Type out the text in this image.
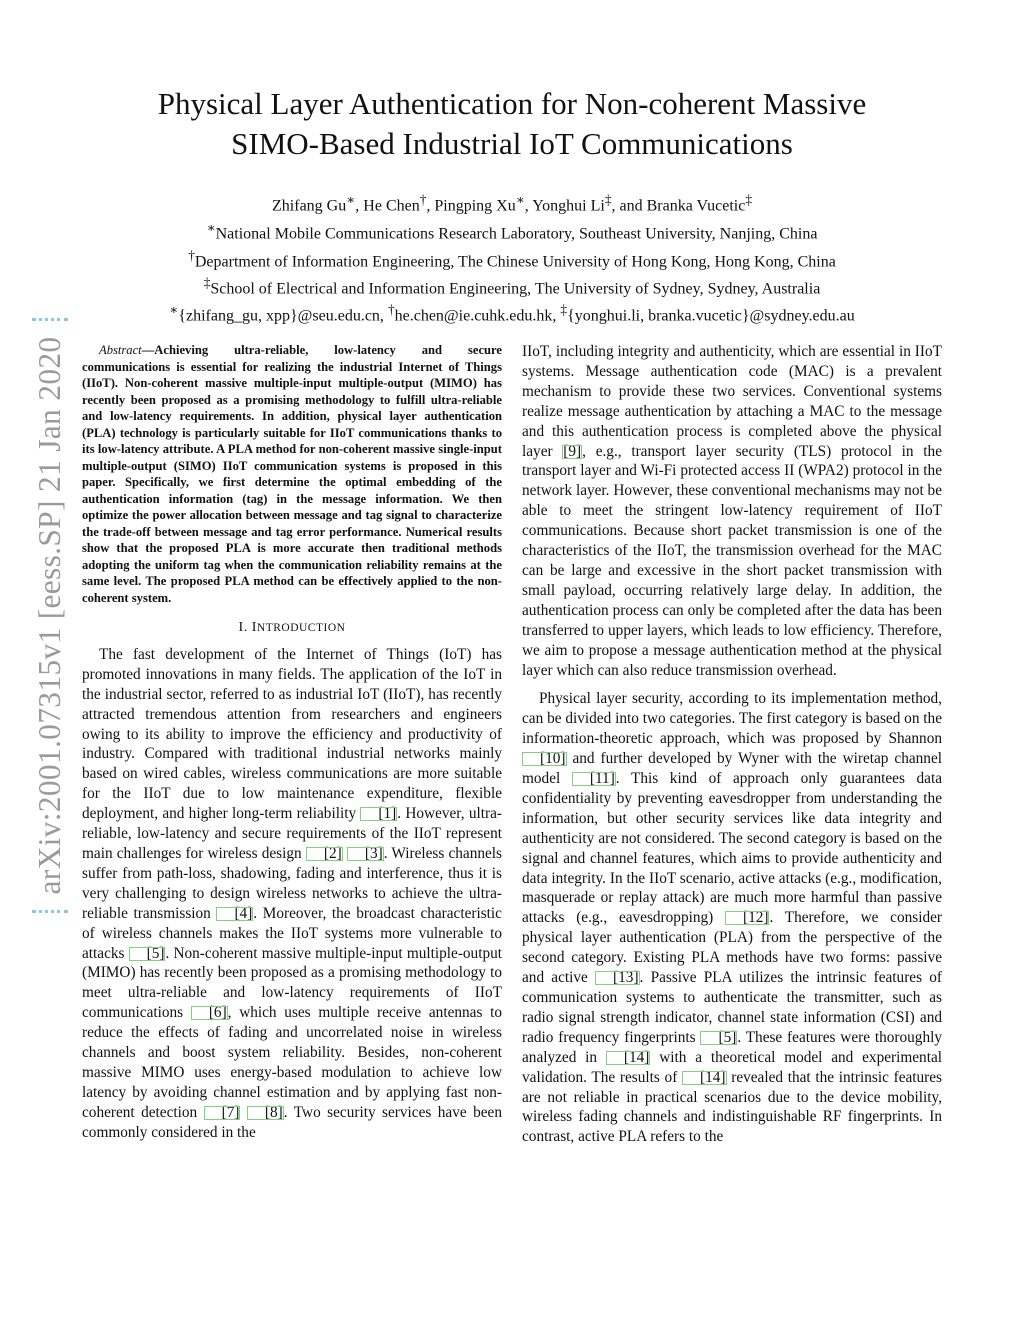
Physical Layer Authentication for Non-coherent Massive
SIMO-Based Industrial IoT Communications
Zhifang Gu∗, He Chen†, Pingping Xu∗, Yonghui Li‡, and Branka Vucetic‡
∗National Mobile Communications Research Laboratory, Southeast University, Nanjing, China
†Department of Information Engineering, The Chinese University of Hong Kong, Hong Kong, China
‡School of Electrical and Information Engineering, The University of Sydney, Sydney, Australia
∗{zhifang_gu, xpp}@seu.edu.cn, †he.chen@ie.cuhk.edu.hk, ‡{yonghui.li, branka.vucetic}@sydney.edu.au
arXiv:2001.07315v1 [eess.SP] 21 Jan 2020	Abstract—Achieving ultra-reliable, low-latency and secure communications is essential for realizing the industrial Internet of Things (IIoT). Non-coherent massive multiple-input multiple-output (MIMO) has recently been proposed as a promising methodology to fulfill ultra-reliable and low-latency requirements. In addition, physical layer authentication (PLA) technology is particularly suitable for IIoT communications thanks to its low-latency attribute. A PLA method for non-coherent massive single-input multiple-output (SIMO) IIoT communication systems is proposed in this paper. Specifically, we first determine the optimal embedding of the authentication information (tag) in the message information. We then optimize the power allocation between message and tag signal to characterize the trade-off between message and tag error performance. Numerical results show that the proposed PLA is more accurate then traditional methods adopting the uniform tag when the communication reliability remains at the same level. The proposed PLA method can be effectively applied to the non-coherent system.

I. INTRODUCTION

The fast development of the Internet of Things (IoT) has promoted innovations in many fields. The application of the IoT in the industrial sector, referred to as industrial IoT (IIoT), has recently attracted tremendous attention from researchers and engineers owing to its ability to improve the efficiency and productivity of industry. Compared with traditional industrial networks mainly based on wired cables, wireless communications are more suitable for the IIoT due to low maintenance expenditure, flexible deployment, and higher long-term reliability [1]. However, ultra-reliable, low-latency and secure requirements of the IIoT represent main challenges for wireless design [2] [3]. Wireless channels suffer from path-loss, shadowing, fading and interference, thus it is very challenging to design wireless networks to achieve the ultra-reliable transmission [4]. Moreover, the broadcast characteristic of wireless channels makes the IIoT systems more vulnerable to attacks [5]. Non-coherent massive multiple-input multiple-output (MIMO) has recently been proposed as a promising methodology to meet ultra-reliable and low-latency requirements of IIoT communications [6], which uses multiple receive antennas to reduce the effects of fading and uncorrelated noise in wireless channels and boost system reliability. Besides, non-coherent massive MIMO uses energy-based modulation to achieve low latency by avoiding channel estimation and by applying fast non-coherent detection [7] [8]. Two security services have been commonly considered in the

IIoT, including integrity and authenticity, which are essential in IIoT systems. Message authentication code (MAC) is a prevalent mechanism to provide these two services. Conventional systems realize message authentication by attaching a MAC to the message and this authentication process is completed above the physical layer [9], e.g., transport layer security (TLS) protocol in the transport layer and Wi-Fi protected access II (WPA2) protocol in the network layer. However, these conventional mechanisms may not be able to meet the stringent low-latency requirement of IIoT communications. Because short packet transmission is one of the characteristics of the IIoT, the transmission overhead for the MAC can be large and excessive in the short packet transmission with small payload, occurring relatively large delay. In addition, the authentication process can only be completed after the data has been transferred to upper layers, which leads to low efficiency. Therefore, we aim to propose a message authentication method at the physical layer which can also reduce transmission overhead.

Physical layer security, according to its implementation method, can be divided into two categories. The first category is based on the information-theoretic approach, which was proposed by Shannon [10] and further developed by Wyner with the wiretap channel model [11]. This kind of approach only guarantees data confidentiality by preventing eavesdropper from understanding the information, but other security services like data integrity and authenticity are not considered. The second category is based on the signal and channel features, which aims to provide authenticity and data integrity. In the IIoT scenario, active attacks (e.g., modification, masquerade or replay attack) are much more harmful than passive attacks (e.g., eavesdropping) [12]. Therefore, we consider physical layer authentication (PLA) from the perspective of the second category. Existing PLA methods have two forms: passive and active [13]. Passive PLA utilizes the intrinsic features of communication systems to authenticate the transmitter, such as radio signal strength indicator, channel state information (CSI) and radio frequency fingerprints [5]. These features were thoroughly analyzed in [14] with a theoretical model and experimental validation. The results of [14] revealed that the intrinsic features are not reliable in practical scenarios due to the device mobility, wireless fading channels and indistinguishable RF fingerprints. In contrast, active PLA refers to the
